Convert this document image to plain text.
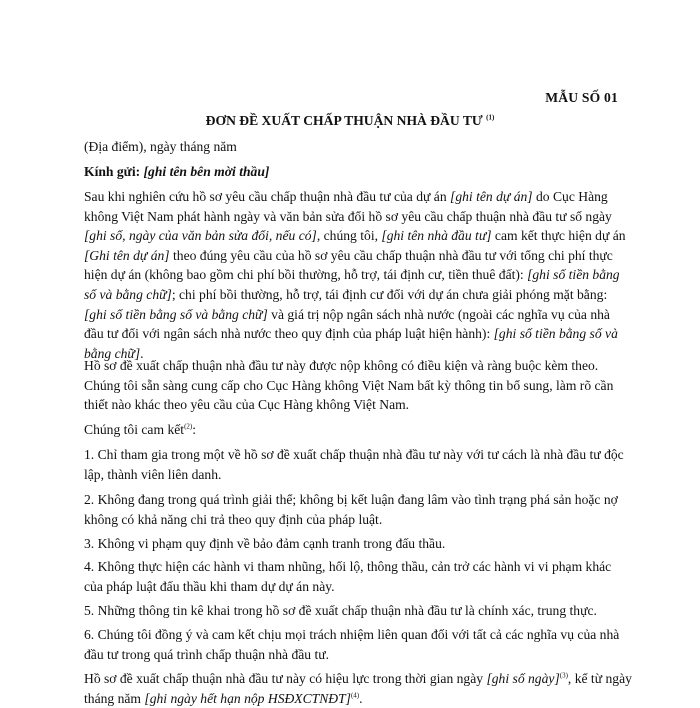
MẪU SỐ 01
ĐƠN ĐỀ XUẤT CHẤP THUẬN NHÀ ĐẦU TƯ $^{(1)}$

(Địa điểm), ngày tháng năm

Kính gửi: [ghi tên bên mời thầu]

Sau khi nghiên cứu hồ sơ yêu cầu chấp thuận nhà đầu tư của dự án [ghi tên dự án] do Cục Hàng không Việt Nam phát hành ngày và văn bản sửa đổi hồ sơ yêu cầu chấp thuận nhà đầu tư số ngày [ghi số, ngày của văn bản sửa đổi, nếu có], chúng tôi, [ghi tên nhà đầu tư] cam kết thực hiện dự án [Ghi tên dự án] theo đúng yêu cầu của hồ sơ yêu cầu chấp thuận nhà đầu tư với tổng chi phí thực hiện dự án (không bao gồm chi phí bồi thường, hỗ trợ, tái định cư, tiền thuê đất): [ghi số tiền bằng số và bằng chữ]; chi phí bồi thường, hỗ trợ, tái định cư đối với dự án chưa giải phóng mặt bằng: [ghi số tiền bằng số và bằng chữ] và giá trị nộp ngân sách nhà nước (ngoài các nghĩa vụ của nhà đầu tư đối với ngân sách nhà nước theo quy định của pháp luật hiện hành): [ghi số tiền bằng số và bằng chữ].

Hồ sơ đề xuất chấp thuận nhà đầu tư này được nộp không có điều kiện và ràng buộc kèm theo. Chúng tôi sẵn sàng cung cấp cho Cục Hàng không Việt Nam bất kỳ thông tin bổ sung, làm rõ cần thiết nào khác theo yêu cầu của Cục Hàng không Việt Nam.

Chúng tôi cam kết$^{(2)}$:

1. Chỉ tham gia trong một về hồ sơ đề xuất chấp thuận nhà đầu tư này với tư cách là nhà đầu tư độc lập, thành viên liên danh.

2. Không đang trong quá trình giải thể; không bị kết luận đang lâm vào tình trạng phá sản hoặc nợ không có khả năng chi trả theo quy định của pháp luật.

3. Không vi phạm quy định về bảo đảm cạnh tranh trong đấu thầu.

4. Không thực hiện các hành vi tham nhũng, hối lộ, thông thầu, cản trở các hành vi vi phạm khác của pháp luật đấu thầu khi tham dự dự án này.

5. Những thông tin kê khai trong hồ sơ đề xuất chấp thuận nhà đầu tư là chính xác, trung thực.

6. Chúng tôi đồng ý và cam kết chịu mọi trách nhiệm liên quan đối với tất cả các nghĩa vụ của nhà đầu tư trong quá trình chấp thuận nhà đầu tư.

Hồ sơ đề xuất chấp thuận nhà đầu tư này có hiệu lực trong thời gian ngày [ghi số ngày]$^{(3)}$, kể từ ngày tháng năm [ghi ngày hết hạn nộp HSĐXCTNĐT]$^{(4)}$.
